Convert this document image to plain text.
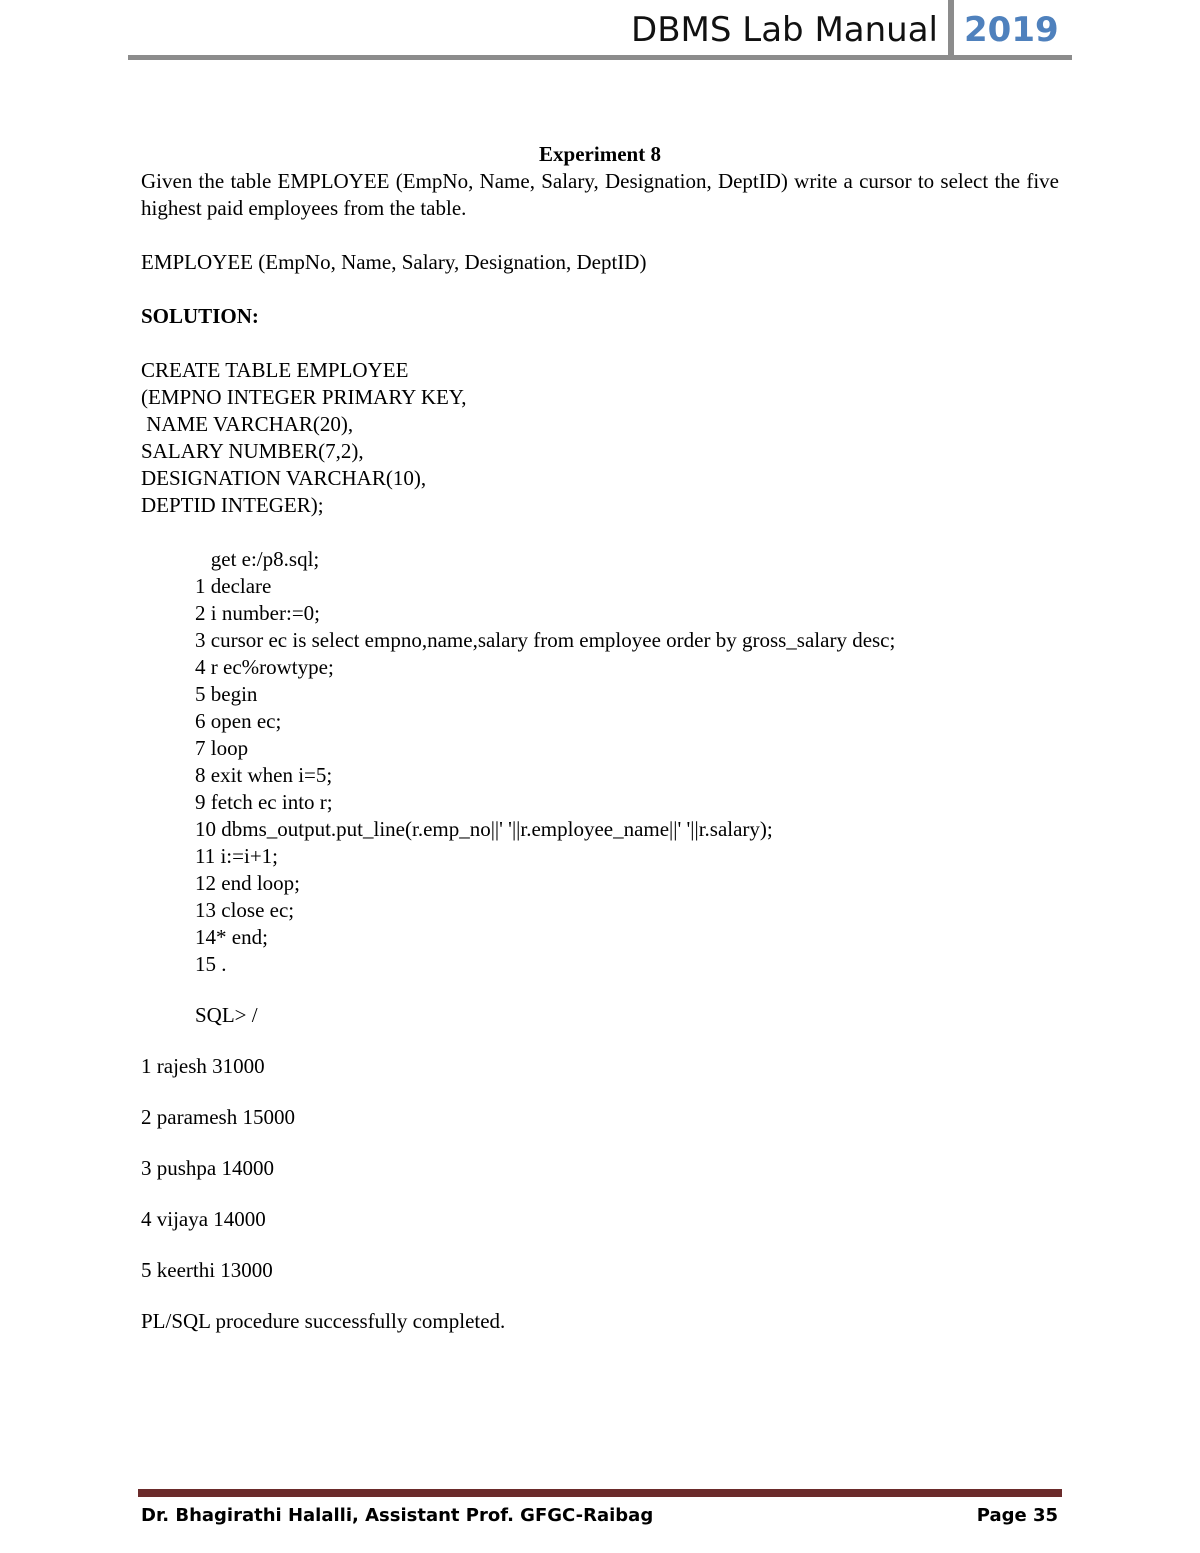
DBMS Lab Manual 2019

Experiment 8

Given the table EMPLOYEE (EmpNo, Name, Salary, Designation, DeptID) write a cursor to select the five highest paid employees from the table.

EMPLOYEE (EmpNo, Name, Salary, Designation, DeptID)

SOLUTION:

CREATE TABLE EMPLOYEE

(EMPNO INTEGER PRIMARY KEY,

NAME VARCHAR(20),

SALARY NUMBER(7,2),

DESIGNATION VARCHAR(10),

DEPTID INTEGER);

get e:/p8.sql;

1 declare

2 i number:=0;

3 cursor ec is select empno,name,salary from employee order by gross_salary desc;

4 r ec%rowtype;

5 begin

6 open ec;

7 loop

8 exit when i=5;

9 fetch ec into r;

10 dbms_output.put_line(r.emp_no||' '||r.employee_name||' '||r.salary);

11 i:=i+1;

12 end loop;

13 close ec;

14* end;

15 .

SQL> /

1 rajesh 31000

2 paramesh 15000

3 pushpa 14000

4 vijaya 14000

5 keerthi 13000

PL/SQL procedure successfully completed.

Dr. Bhagirathi Halalli, Assistant Prof. GFGC-Raibag	Page 35
